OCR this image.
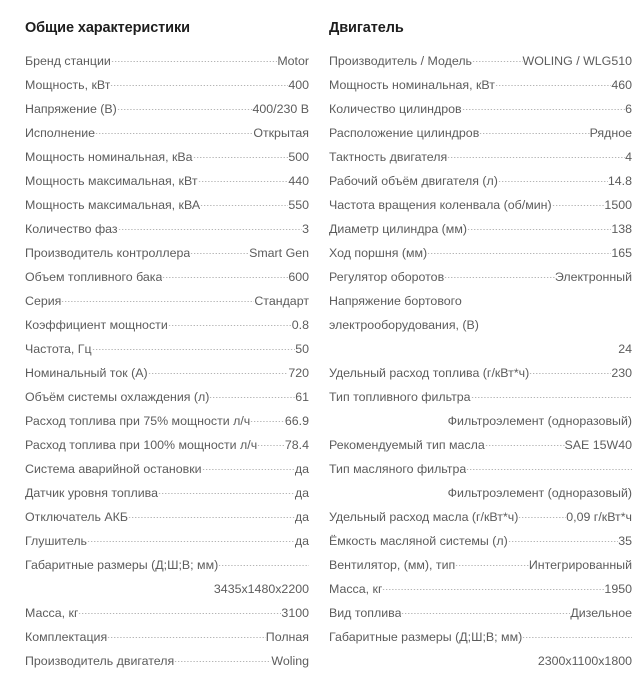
Общие характеристики
Бренд станции	Motor
Мощность, кВт	400
Напряжение (В)	400/230 В
Исполнение	Открытая
Мощность номинальная, кВа	500
Мощность максимальная, кВт	440
Мощность максимальная, кВА	550
Количество фаз	3
Производитель контроллера	Smart Gen
Объем топливного бака	600
Серия	Стандарт
Коэффициент мощности	0.8
Частота, Гц	50
Номинальный ток (А)	720
Объём системы охлаждения (л)	61
Расход топлива при 75% мощности л/ч	66.9
Расход топлива при 100% мощности л/ч 78.4
Система аварийной остановки	да
Датчик уровня топлива	да
Отключатель АКБ	да
Глушитель	да
Габаритные размеры (Д;Ш;В; мм)
3435х1480х2200
Масса, кг	3100
Комплектация	Полная
Производитель двигателя	Woling
Двигатель
Производитель / Модель	WOLING / WLG510
Мощность номинальная, кВт	460
Количество цилиндров	6
Расположение цилиндров	Рядное
Тактность двигателя	4
Рабочий объём двигателя (л)	14.8
Частота вращения коленвала (об/мин)	1500
Диаметр цилиндра (мм)	138
Ход поршня (мм)	165
Регулятор оборотов	Электронный
Напряжение бортового
электрооборудования, (В)
24
Удельный расход топлива (г/кВт*ч)	230
Тип топливного фильтра
Фильтроэлемент (одноразовый)
Рекомендуемый тип масла	SAE 15W40
Тип масляного фильтра
Фильтроэлемент (одноразовый)
Удельный расход масла (г/кВт*ч)	0,09 г/кВт*ч
Ёмкость масляной системы (л)	35
Вентилятор, (мм), тип	Интегрированный
Масса, кг	1950
Вид топлива	Дизельное
Габаритные размеры (Д;Ш;В; мм)
2300х1100х1800
